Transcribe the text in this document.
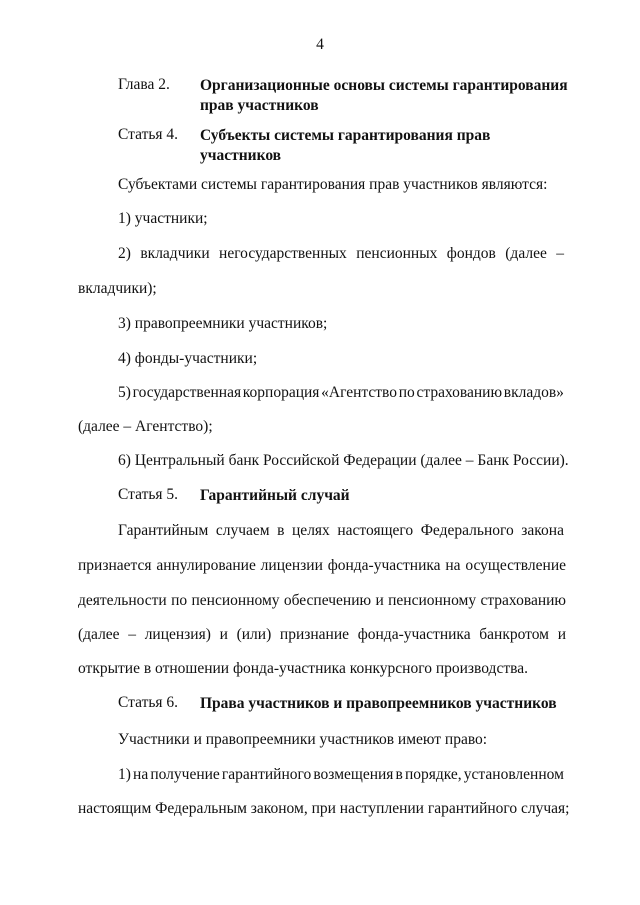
4
Глава 2. Организационные основы системы гарантирования
прав участников
Статья 4. Субъекты системы гарантирования прав
участников
Субъектами системы гарантирования прав участников являются:
1) участники;
2) вкладчики негосударственных пенсионных фондов (далее –
вкладчики);
3) правопреемники участников;
4) фонды-участники;
5) государственная корпорация «Агентство по страхованию вкладов»
(далее – Агентство);
6) Центральный банк Российской Федерации (далее – Банк России).
Статья 5. Гарантийный случай
Гарантийным случаем в целях настоящего Федерального закона
признается аннулирование лицензии фонда-участника на осуществление
деятельности по пенсионному обеспечению и пенсионному страхованию
(далее – лицензия) и (или) признание фонда-участника банкротом и
открытие в отношении фонда-участника конкурсного производства.
Статья 6. Права участников и правопреемников участников
Участники и правопреемники участников имеют право:
1) на получение гарантийного возмещения в порядке, установленном
настоящим Федеральным законом, при наступлении гарантийного случая;
